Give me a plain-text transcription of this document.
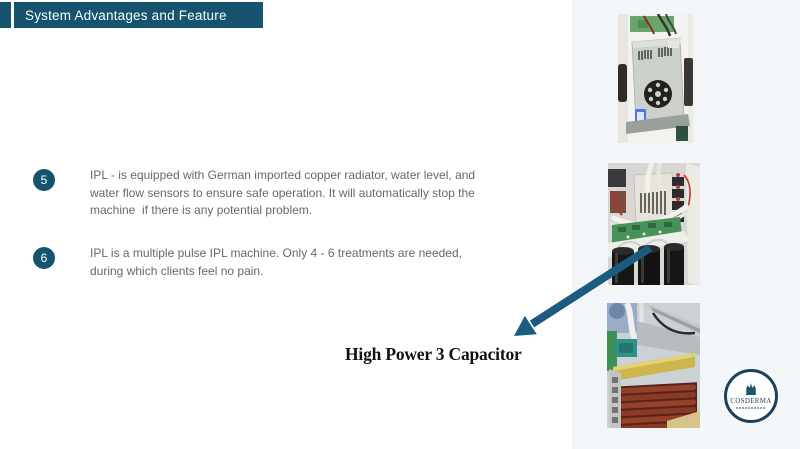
System Advantages and Feature
5	IPL - is equipped with German imported copper radiator, water level, and
water flow sensors to ensure safe operation. It will automatically stop the
machine  if there is any potential problem.
6	IPL is a multiple pulse IPL machine. Only 4 - 6 treatments are needed,
during which clients feel no pain.
High Power 3 Capacitor
COSDERMA
